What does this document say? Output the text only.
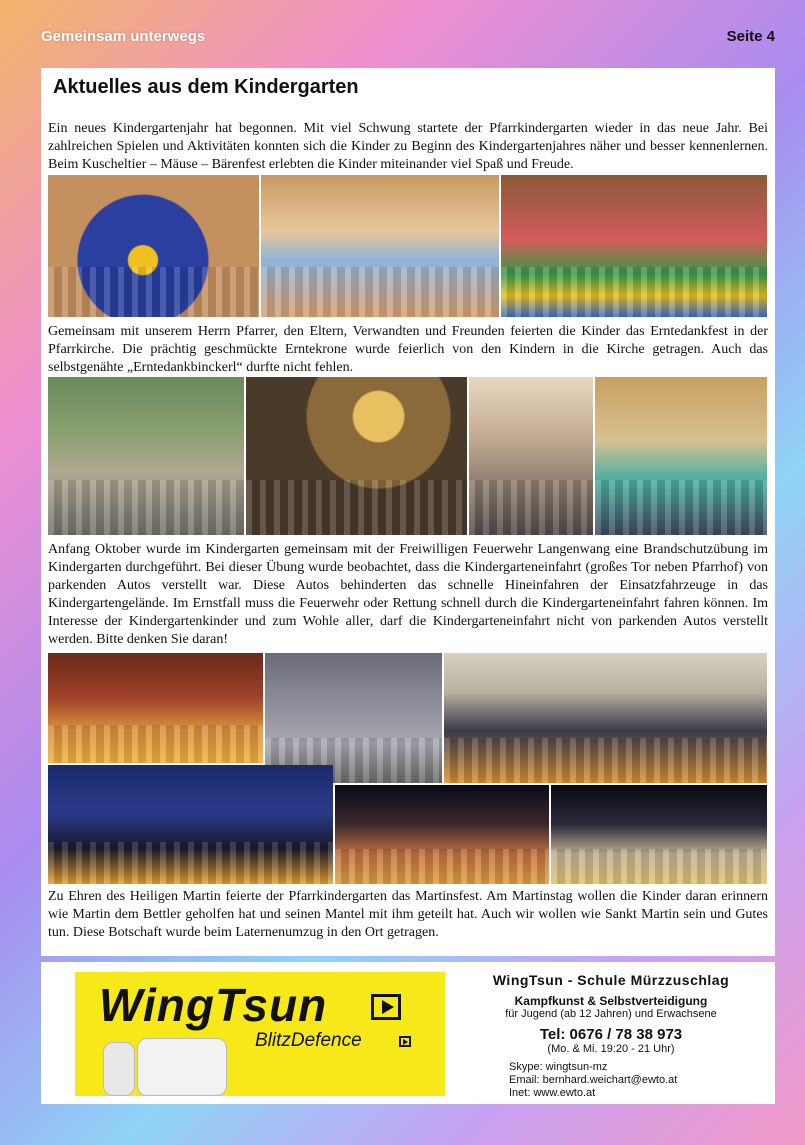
Gemeinsam unterwegs	Seite 4
Aktuelles aus dem Kindergarten
Ein neues Kindergartenjahr hat begonnen. Mit viel Schwung startete der Pfarrkindergarten wieder in das neue Jahr. Bei zahlreichen Spielen und Aktivitäten konnten sich die Kinder zu Beginn des Kindergartenjahres näher und besser kennenlernen. Beim Kuscheltier – Mäuse – Bärenfest erlebten die Kinder miteinander viel Spaß und Freude.
Gemeinsam mit unserem Herrn Pfarrer, den Eltern, Verwandten und Freunden feierten die Kinder das Erntedankfest in der Pfarrkirche. Die prächtig geschmückte Erntekrone wurde feierlich von den Kindern in die Kirche getragen. Auch das selbstgenähte „Erntedankbinckerl“ durfte nicht fehlen.
Anfang Oktober wurde im Kindergarten gemeinsam mit der Freiwilligen Feuerwehr Langenwang eine Brandschutzübung im Kindergarten durchgeführt. Bei dieser Übung wurde beobachtet, dass die Kindergarteneinfahrt (großes Tor neben Pfarrhof) von parkenden Autos verstellt war. Diese Autos behinderten das schnelle Hineinfahren der Einsatzfahrzeuge in das Kindergartengelände. Im Ernstfall muss die Feuerwehr oder Rettung schnell durch die Kindergarteneinfahrt fahren können. Im Interesse der Kindergartenkinder und zum Wohle aller, darf die Kindergarteneinfahrt nicht von parkenden Autos verstellt werden. Bitte denken Sie daran!
Zu Ehren des Heiligen Martin feierte der Pfarrkindergarten das Martinsfest. Am Martinstag wollen die Kinder daran erinnern wie Martin dem Bettler geholfen hat und seinen Mantel mit ihm geteilt hat. Auch wir wollen wie Sankt Martin sein und Gutes tun. Diese Botschaft wurde beim Laternenumzug in den Ort getragen.
WingTsun
BlitzDefence
WingTsun - Schule Mürzzuschlag
Kampfkunst & Selbstverteidigung
für Jugend (ab 12 Jahren) und Erwachsene
Tel: 0676 / 78 38 973
(Mo. & Mi. 19:20 - 21 Uhr)
Skype: wingtsun-mz
Email: bernhard.weichart@ewto.at
Inet: www.ewto.at
